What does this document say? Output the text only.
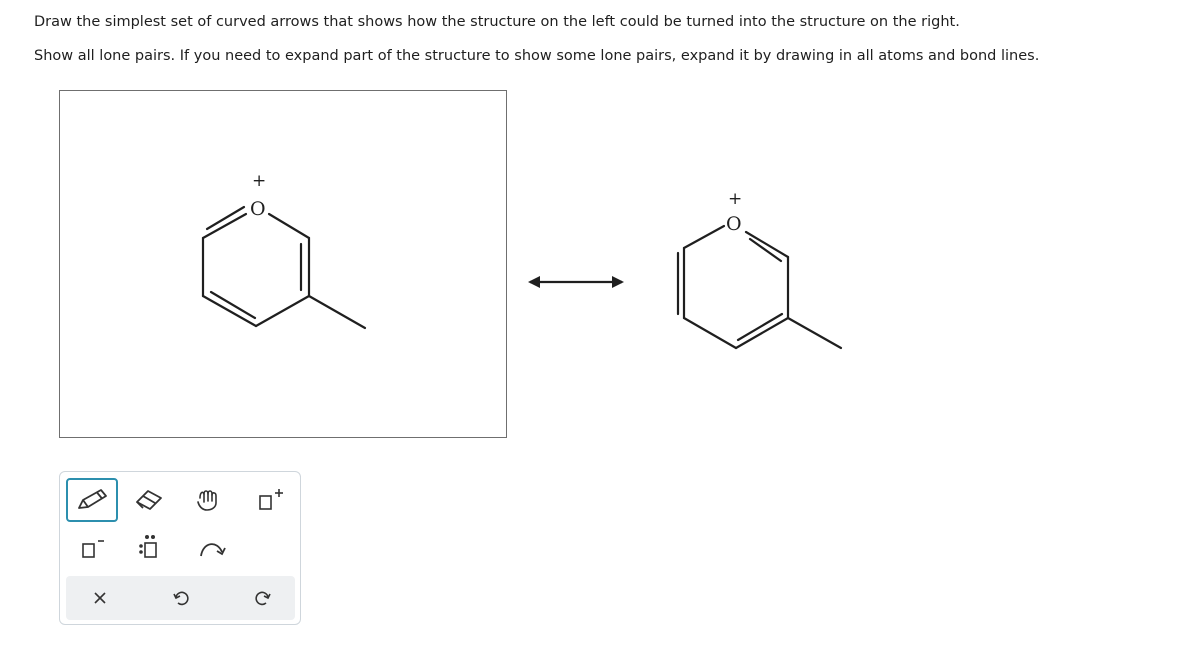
Draw the simplest set of curved arrows that shows how the structure on the left could be turned into the structure on the right.
Show all lone pairs. If you need to expand part of the structure to show some lone pairs, expand it by drawing in all atoms and bond lines.
O
+
O
+
